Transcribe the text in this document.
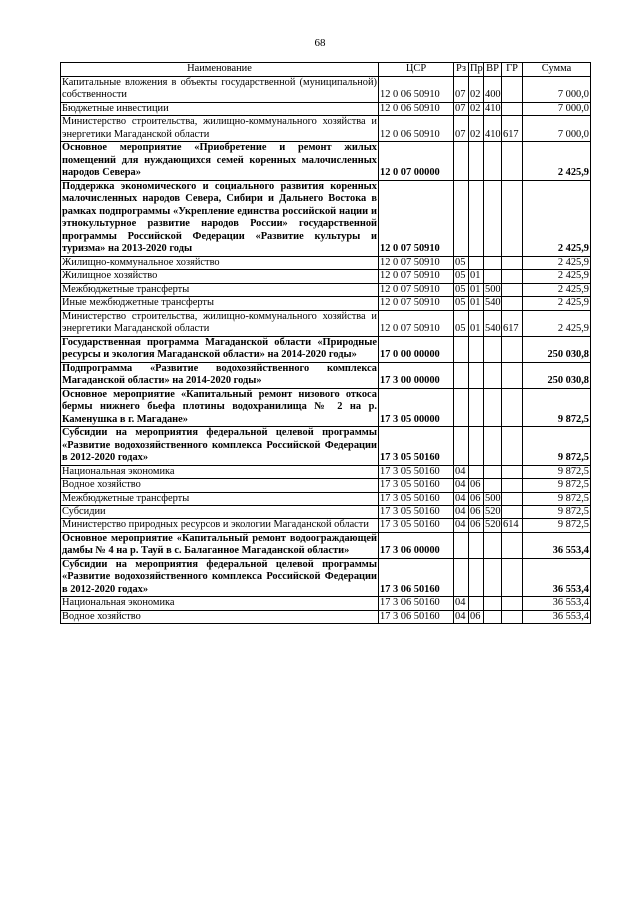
68
Наименование	ЦСР	Рз	Пр	ВР	ГР	Сумма
Капитальные вложения в объекты государственной (муниципальной) собственности	12 0 06 50910	07	02	400		7 000,0
Бюджетные инвестиции	12 0 06 50910	07	02	410		7 000,0
Министерство строительства, жилищно-коммунального хозяйства и энергетики Магаданской области	12 0 06 50910	07	02	410	617	7 000,0
Основное мероприятие «Приобретение и ремонт жилых помещений для нуждающихся семей коренных малочисленных народов Севера»	12 0 07 00000					2 425,9
Поддержка экономического и социального развития коренных малочисленных народов Севера, Сибири и Дальнего Востока в рамках подпрограммы «Укрепление единства российской нации и этнокультурное развитие народов России» государственной программы Российской Федерации «Развитие культуры и туризма» на 2013-2020 годы	12 0 07 50910					2 425,9
Жилищно-коммунальное хозяйство	12 0 07 50910	05				2 425,9
Жилищное хозяйство	12 0 07 50910	05	01			2 425,9
Межбюджетные трансферты	12 0 07 50910	05	01	500		2 425,9
Иные межбюджетные трансферты	12 0 07 50910	05	01	540		2 425,9
Министерство строительства, жилищно-коммунального хозяйства и энергетики Магаданской области	12 0 07 50910	05	01	540	617	2 425,9
Государственная программа Магаданской области «Природные ресурсы и экология Магаданской области» на 2014-2020 годы»	17 0 00 00000					250 030,8
Подпрограмма «Развитие водохозяйственного комплекса Магаданской области» на 2014-2020 годы»	17 3 00 00000					250 030,8
Основное мероприятие «Капитальный ремонт низового откоса бермы нижнего бьефа плотины водохранилища № 2 на р. Каменушка в г. Магадане»	17 3 05 00000					9 872,5
Субсидии на мероприятия федеральной целевой программы «Развитие водохозяйственного комплекса Российской Федерации в 2012-2020 годах»	17 3 05 50160					9 872,5
Национальная экономика	17 3 05 50160	04				9 872,5
Водное хозяйство	17 3 05 50160	04	06			9 872,5
Межбюджетные трансферты	17 3 05 50160	04	06	500		9 872,5
Субсидии	17 3 05 50160	04	06	520		9 872,5
Министерство природных ресурсов и экологии Магаданской области	17 3 05 50160	04	06	520	614	9 872,5
Основное мероприятие «Капитальный ремонт водоограждающей дамбы № 4 на р. Тауй в с. Балаганное Магаданской области»	17 3 06 00000					36 553,4
Субсидии на мероприятия федеральной целевой программы «Развитие водохозяйственного комплекса Российской Федерации в 2012-2020 годах»	17 3 06 50160					36 553,4
Национальная экономика	17 3 06 50160	04				36 553,4
Водное хозяйство	17 3 06 50160	04	06			36 553,4
